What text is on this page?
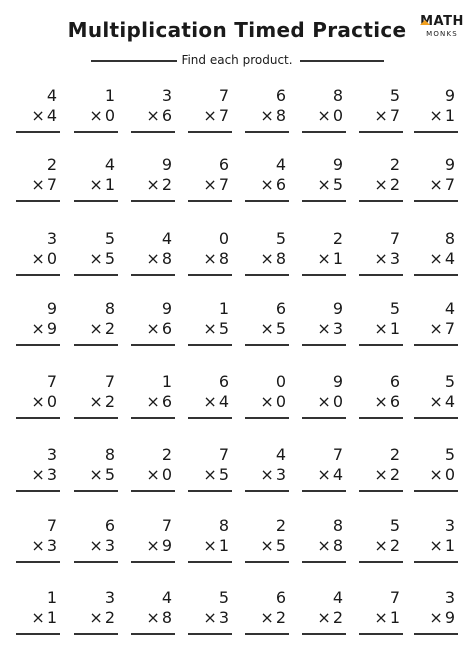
Multiplication Timed Practice	MATH
MONKS
Find each product.
4
× 4
1
× 0
3
× 6
7
× 7
6
× 8
8
× 0
5
× 7
9
× 1
2
× 7
4
× 1
9
× 2
6
× 7
4
× 6
9
× 5
2
× 2
9
× 7
3
× 0
5
× 5
4
× 8
0
× 8
5
× 8
2
× 1
7
× 3
8
× 4
9
× 9
8
× 2
9
× 6
1
× 5
6
× 5
9
× 3
5
× 1
4
× 7
7
× 0
7
× 2
1
× 6
6
× 4
0
× 0
9
× 0
6
× 6
5
× 4
3
× 3
8
× 5
2
× 0
7
× 5
4
× 3
7
× 4
2
× 2
5
× 0
7
× 3
6
× 3
7
× 9
8
× 1
2
× 5
8
× 8
5
× 2
3
× 1
1
× 1
3
× 2
4
× 8
5
× 3
6
× 2
4
× 2
7
× 1
3
× 9
